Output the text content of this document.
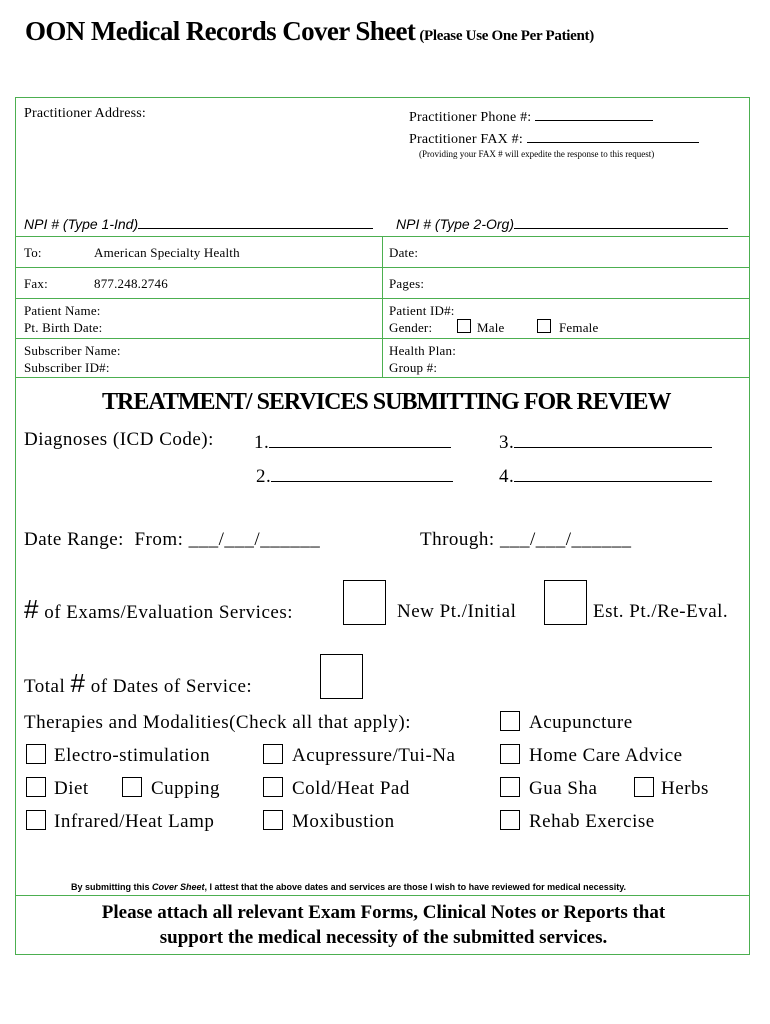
OON Medical Records Cover Sheet (Please Use One Per Patient)
Practitioner Address:	Practitioner Phone #:
Practitioner FAX #:
(Providing your FAX # will expedite the response to this request)
NPI # (Type 1-Ind)	NPI # (Type 2-Org)
To:	American Specialty Health	Date:
Fax:	877.248.2746	Pages:
Patient Name:
Pt. Birth Date:
Patient ID#:
Gender:	Male	Female
Subscriber Name:
Subscriber ID#:
Health Plan:
Group #:
TREATMENT/ SERVICES SUBMITTING FOR REVIEW
Diagnoses (ICD Code): 1.	3.
2.	4.
Date Range: From: ___/___/______	Through: ___/___/______
# of Exams/Evaluation Services:	New Pt./Initial	Est. Pt./Re-Eval.
Total # of Dates of Service:
Therapies and Modalities(Check all that apply):	Acupuncture
Electro-stimulation	Acupressure/Tui-Na	Home Care Advice
Diet	Cupping	Cold/Heat Pad	Gua Sha	Herbs
Infrared/Heat Lamp	Moxibustion	Rehab Exercise
By submitting this Cover Sheet, I attest that the above dates and services are those I wish to have reviewed for medical necessity.
Please attach all relevant Exam Forms, Clinical Notes or Reports that
support the medical necessity of the submitted services.
